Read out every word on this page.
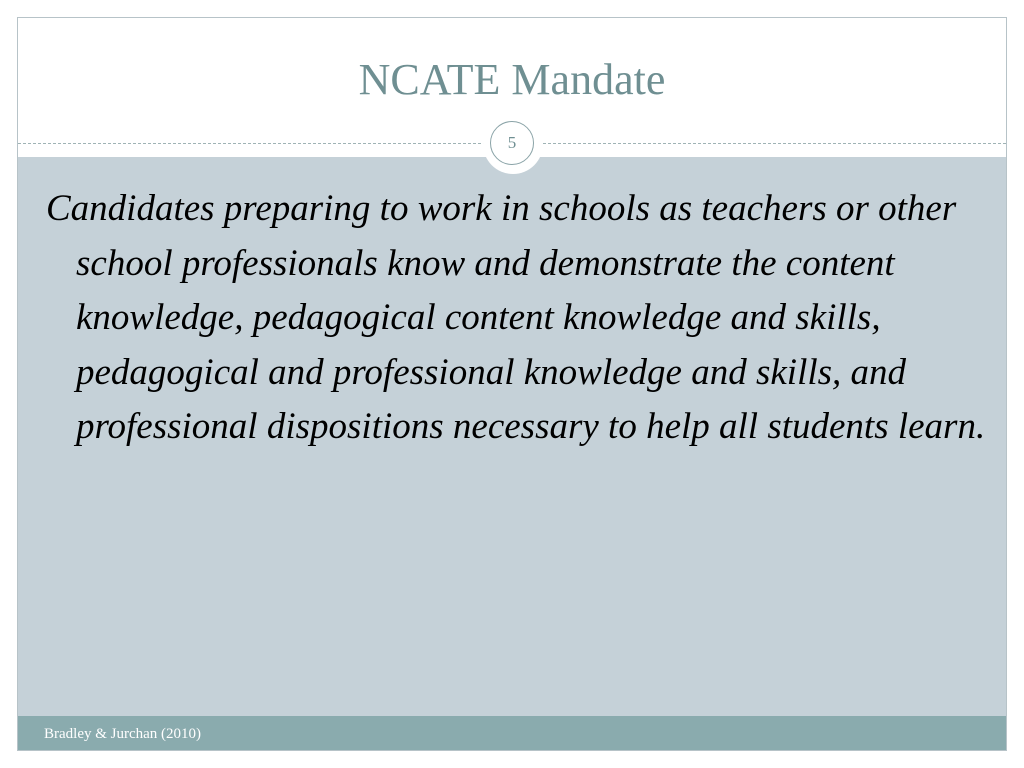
NCATE Mandate
5

Candidates preparing to work in schools as teachers or other school professionals know and demonstrate the content knowledge, pedagogical content knowledge and skills, pedagogical and professional knowledge and skills, and professional dispositions necessary to help all students learn.

Bradley & Jurchan (2010)
